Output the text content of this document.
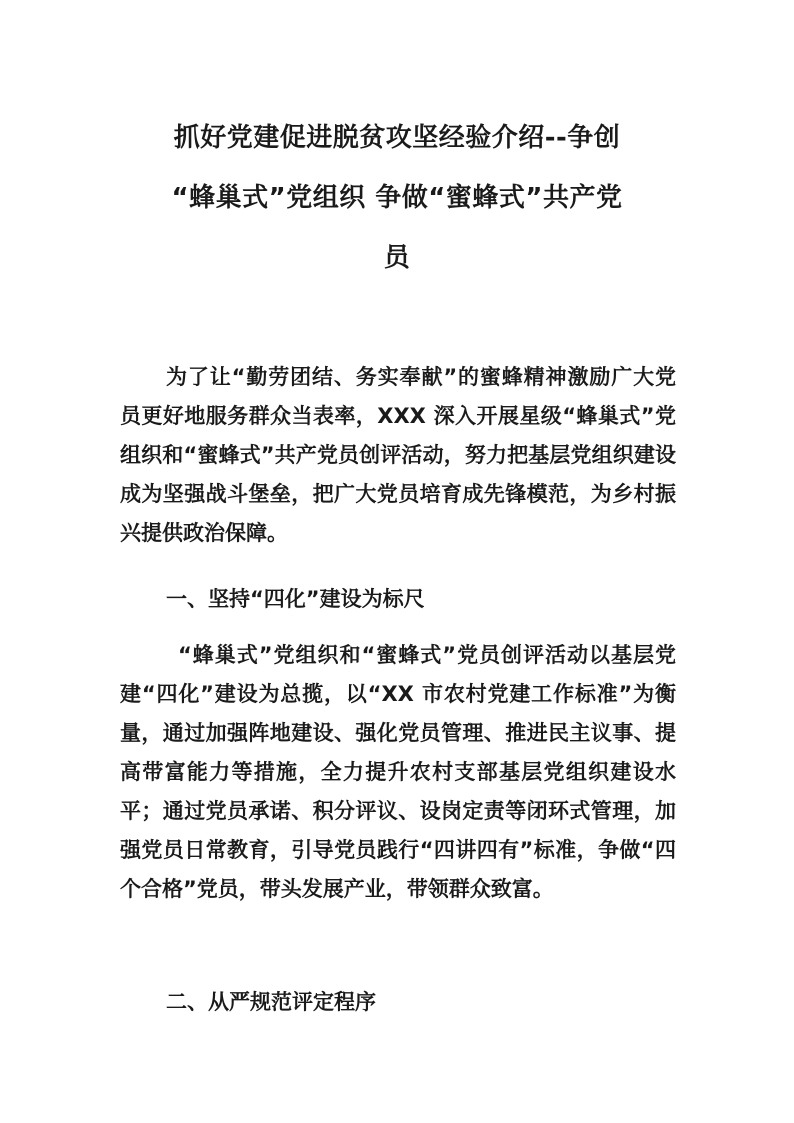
抓好党建促进脱贫攻坚经验介绍--争创
“蜂巢式”党组织 争做“蜜蜂式”共产党
员

为了让“勤劳团结、务实奉献”的蜜蜂精神激励广大党员更好地服务群众当表率，XXX 深入开展星级“蜂巢式”党组织和“蜜蜂式”共产党员创评活动，努力把基层党组织建设成为坚强战斗堡垒，把广大党员培育成先锋模范，为乡村振兴提供政治保障。

一、坚持“四化”建设为标尺

“蜂巢式”党组织和“蜜蜂式”党员创评活动以基层党建“四化”建设为总揽，以“XX 市农村党建工作标准”为衡量，通过加强阵地建设、强化党员管理、推进民主议事、提高带富能力等措施，全力提升农村支部基层党组织建设水平；通过党员承诺、积分评议、设岗定责等闭环式管理，加强党员日常教育，引导党员践行“四讲四有”标准，争做“四个合格”党员，带头发展产业，带领群众致富。

二、从严规范评定程序
